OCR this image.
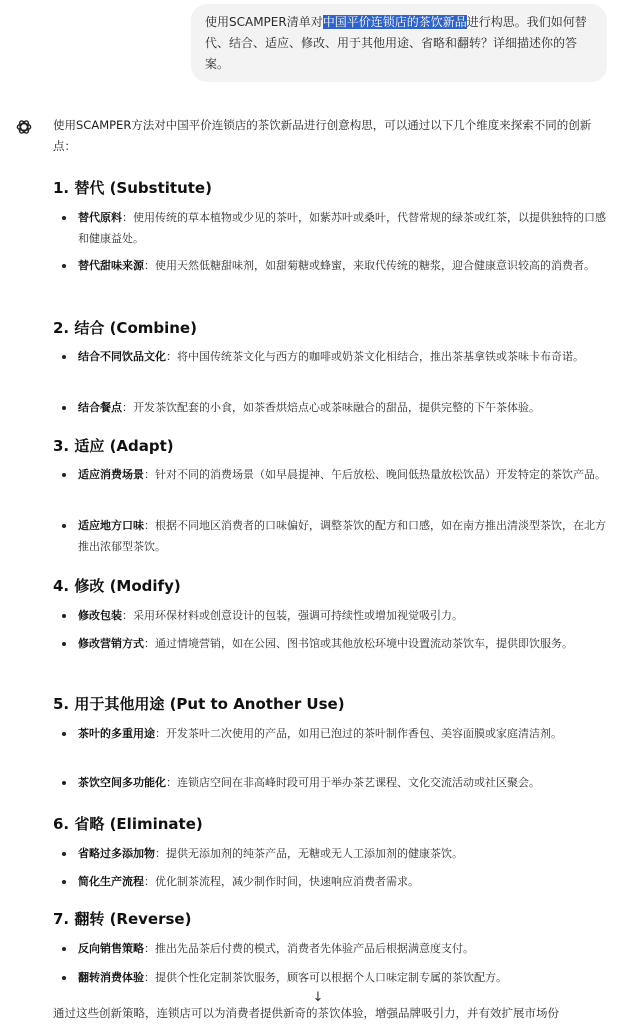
使用SCAMPER清单对中国平价连锁店的茶饮新品进行构思。我们如何替代、结合、适应、修改、用于其他用途、省略和翻转？详细描述你的答案。

使用SCAMPER方法对中国平价连锁店的茶饮新品进行创意构思，可以通过以下几个维度来探索不同的创新点：

1. 替代 (Substitute)
替代原料：使用传统的草本植物或少见的茶叶，如紫苏叶或桑叶，代替常规的绿茶或红茶，以提供独特的口感和健康益处。
替代甜味来源：使用天然低糖甜味剂，如甜菊糖或蜂蜜，来取代传统的糖浆，迎合健康意识较高的消费者。
2. 结合 (Combine)
结合不同饮品文化：将中国传统茶文化与西方的咖啡或奶茶文化相结合，推出茶基拿铁或茶味卡布奇诺。
结合餐点：开发茶饮配套的小食，如茶香烘焙点心或茶味融合的甜品，提供完整的下午茶体验。
3. 适应 (Adapt)
适应消费场景：针对不同的消费场景（如早晨提神、午后放松、晚间低热量放松饮品）开发特定的茶饮产品。
适应地方口味：根据不同地区消费者的口味偏好，调整茶饮的配方和口感，如在南方推出清淡型茶饮，在北方推出浓郁型茶饮。
4. 修改 (Modify)
修改包装：采用环保材料或创意设计的包装，强调可持续性或增加视觉吸引力。
修改营销方式：通过情境营销，如在公园、图书馆或其他放松环境中设置流动茶饮车，提供即饮服务。
5. 用于其他用途 (Put to Another Use)
茶叶的多重用途：开发茶叶二次使用的产品，如用已泡过的茶叶制作香包、美容面膜或家庭清洁剂。
茶饮空间多功能化：连锁店空间在非高峰时段可用于举办茶艺课程、文化交流活动或社区聚会。
6. 省略 (Eliminate)
省略过多添加物：提供无添加剂的纯茶产品，无糖或无人工添加剂的健康茶饮。
简化生产流程：优化制茶流程，减少制作时间，快速响应消费者需求。
7. 翻转 (Reverse)
反向销售策略：推出先品茶后付费的模式，消费者先体验产品后根据满意度支付。
翻转消费体验：提供个性化定制茶饮服务，顾客可以根据个人口味定制专属的茶饮配方。
通过这些创新策略，连锁店可以为消费者提供新奇的茶饮体验，增强品牌吸引力，并有效扩展市场份
↓
